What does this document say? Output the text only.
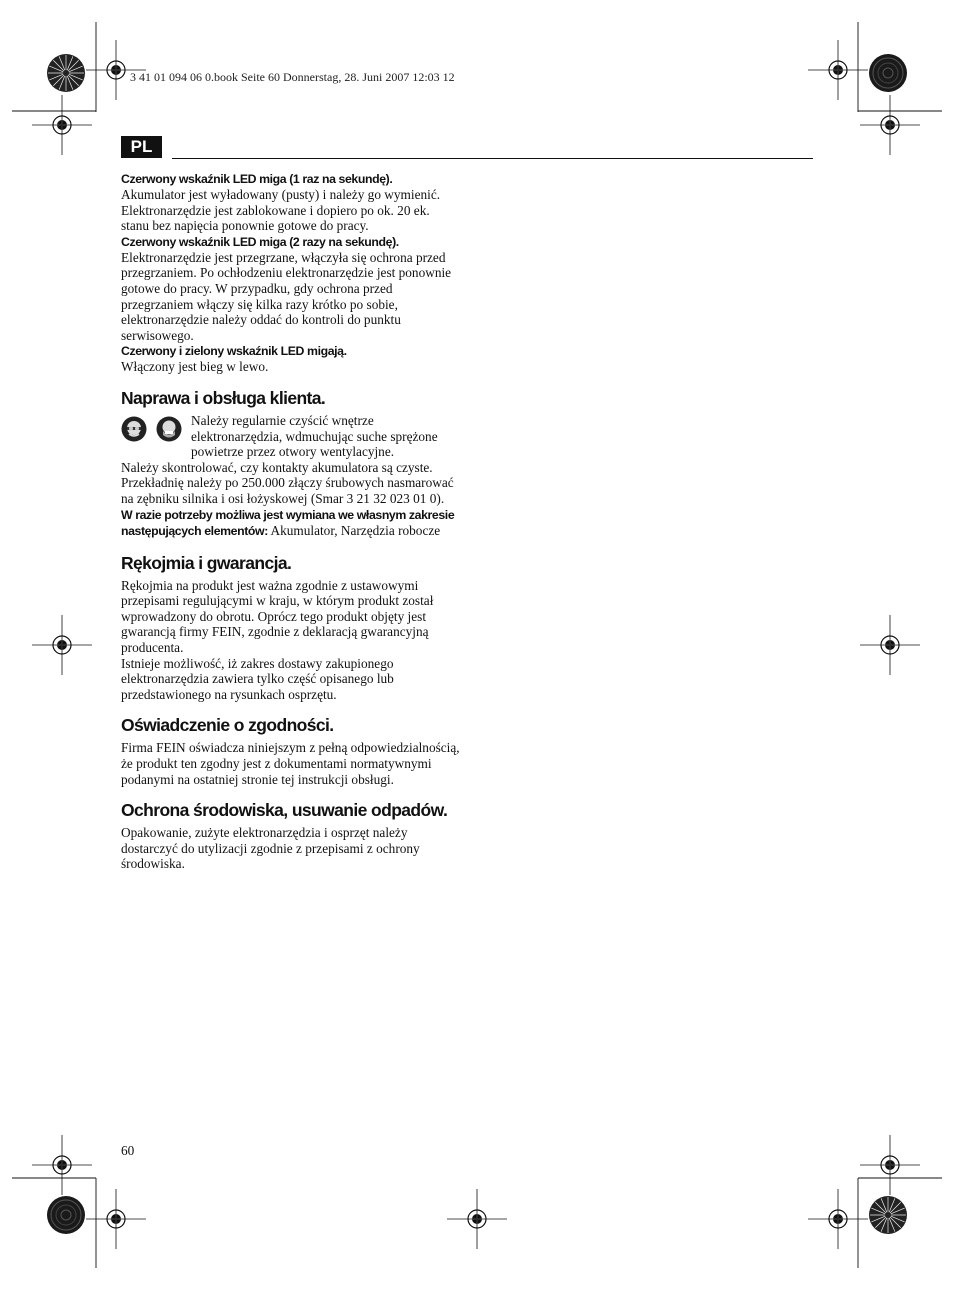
3 41 01 094 06 0.book Seite 60 Donnerstag, 28. Juni 2007 12:03 12
PL

Czerwony wskaźnik LED miga (1 raz na sekundę).

Akumulator jest wyładowany (pusty) i należy go wymienić. Elektronarzędzie jest zablokowane i dopiero po ok. 20 ek. stanu bez napięcia ponownie gotowe do pracy.

Czerwony wskaźnik LED miga (2 razy na sekundę).

Elektronarzędzie jest przegrzane, włączyła się ochrona przed przegrzaniem. Po ochłodzeniu elektronarzędzie jest ponownie gotowe do pracy. W przypadku, gdy ochrona przed przegrzaniem włączy się kilka razy krótko po sobie, elektronarzędzie należy oddać do kontroli do punktu serwisowego.

Czerwony i zielony wskaźnik LED migają.

Włączony jest bieg w lewo.

Naprawa i obsługa klienta.

Należy regularnie czyścić wnętrze elektronarzędzia, wdmuchując suche sprężone powietrze przez otwory wentylacyjne.

Należy skontrolować, czy kontakty akumulatora są czyste.

Przekładnię należy po 250.000 złączy śrubowych nasmarować na zębniku silnika i osi łożyskowej (Smar 3 21 32 023 01 0).

W razie potrzeby możliwa jest wymiana we własnym zakresie następujących elementów: Akumulator, Narzędzia robocze

Rękojmia i gwarancja.

Rękojmia na produkt jest ważna zgodnie z ustawowymi przepisami regulującymi w kraju, w którym produkt został wprowadzony do obrotu. Oprócz tego produkt objęty jest gwarancją firmy FEIN, zgodnie z deklaracją gwarancyjną producenta.

Istnieje możliwość, iż zakres dostawy zakupionego elektronarzędzia zawiera tylko część opisanego lub przedstawionego na rysunkach osprzętu.

Oświadczenie o zgodności.

Firma FEIN oświadcza niniejszym z pełną odpowiedzialnością, że produkt ten zgodny jest z dokumentami normatywnymi podanymi na ostatniej stronie tej instrukcji obsługi.

Ochrona środowiska, usuwanie odpadów.

Opakowanie, zużyte elektronarzędzia i osprzęt należy dostarczyć do utylizacji zgodnie z przepisami z ochrony środowiska.

60
